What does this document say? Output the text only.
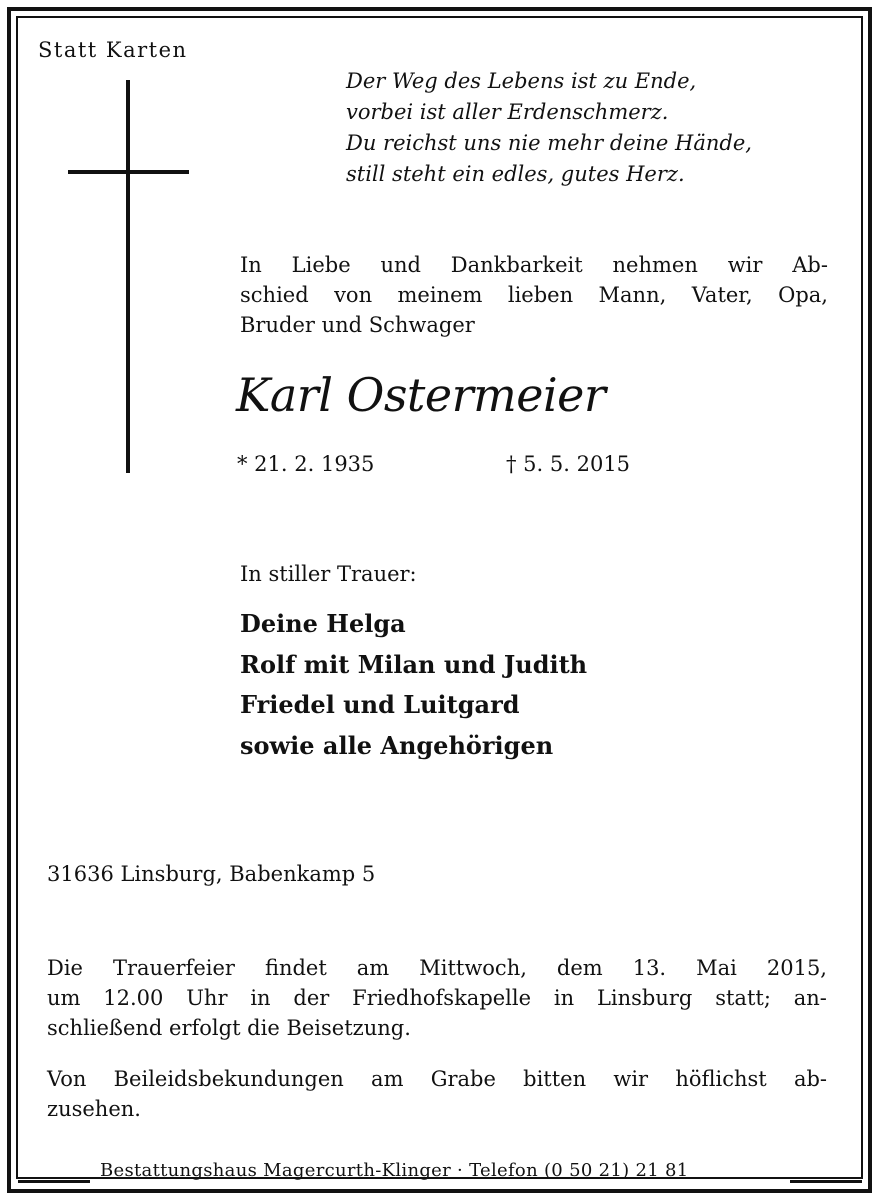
Statt Karten
Der Weg des Lebens ist zu Ende,
vorbei ist aller Erdenschmerz.
Du reichst uns nie mehr deine Hände,
still steht ein edles, gutes Herz.
In Liebe und Dankbarkeit nehmen wir Ab-
schied von meinem lieben Mann, Vater, Opa,
Bruder und Schwager
Karl Ostermeier
* 21. 2. 1935	† 5. 5. 2015
In stiller Trauer:
Deine Helga
Rolf mit Milan und Judith
Friedel und Luitgard
sowie alle Angehörigen
31636 Linsburg, Babenkamp 5
Die Trauerfeier findet am Mittwoch, dem 13. Mai 2015,
um 12.00 Uhr in der Friedhofskapelle in Linsburg statt; an-
schließend erfolgt die Beisetzung.
Von Beileidsbekundungen am Grabe bitten wir höflichst ab-
zusehen.
Bestattungshaus Magercurth-Klinger · Telefon (0 50 21) 21 81
